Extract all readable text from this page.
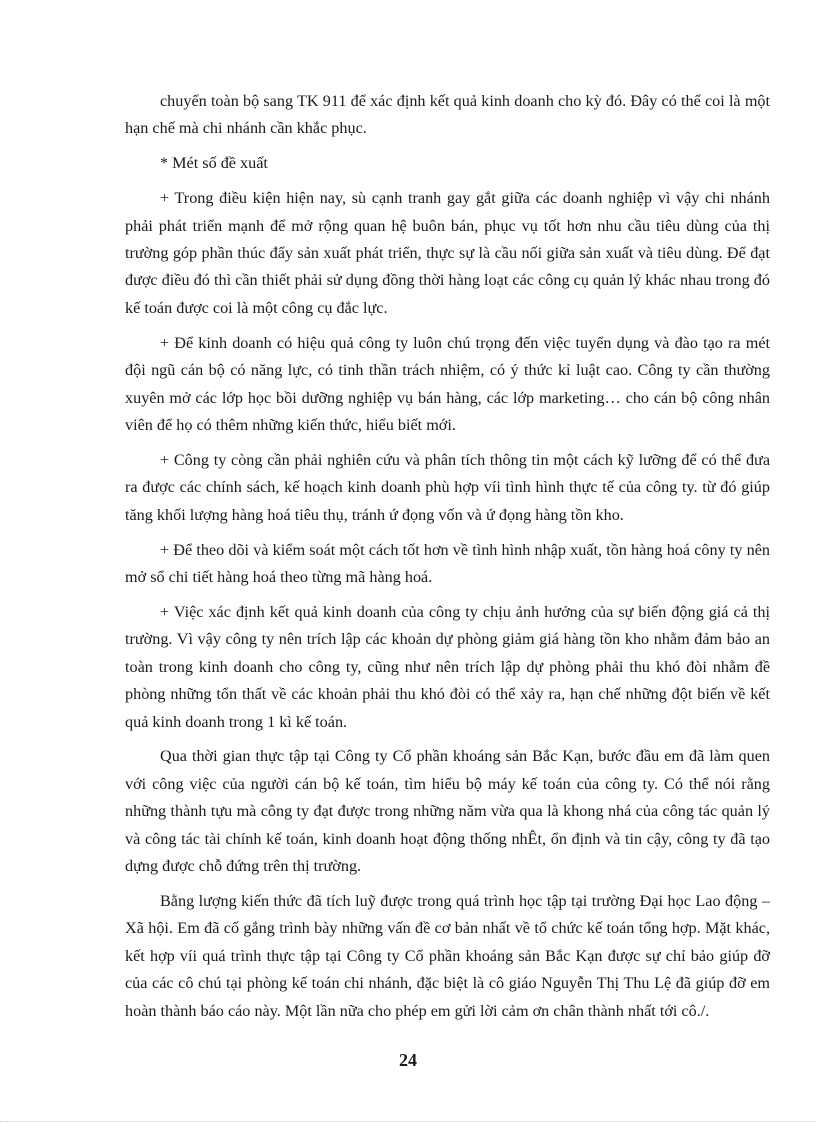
chuyển toàn bộ sang TK 911 để xác định kết quả kinh doanh cho kỳ đó. Đây có thể coi là một hạn chế mà chi nhánh cần khắc phục.

* Mét số đề xuất

+ Trong điều kiện hiện nay, sù cạnh tranh gay gắt giữa các doanh nghiệp vì vậy chi nhánh phải phát triển mạnh để mở rộng quan hệ buôn bán, phục vụ tốt hơn nhu cầu tiêu dùng của thị trường góp phần thúc đẩy sản xuất phát triển, thực sự là cầu nối giữa sản xuất và tiêu dùng. Để đạt được điều đó thì cần thiết phải sử dụng đồng thời hàng loạt các công cụ quản lý khác nhau trong đó kế toán được coi là một công cụ đắc lực.

+ Để kinh doanh có hiệu quả công ty luôn chú trọng đến việc tuyển dụng và đào tạo ra mét đội ngũ cán bộ có năng lực, có tinh thần trách nhiệm, có ý thức kỉ luật cao. Công ty cần thường xuyên mở các lớp học bồi dưỡng nghiệp vụ bán hàng, các lớp marketing… cho cán bộ công nhân viên để họ có thêm những kiến thức, hiểu biết mới.

+ Công ty còng cần phải nghiên cứu và phân tích thông tin một cách kỹ lưỡng để có thể đưa ra được các chính sách, kế hoạch kinh doanh phù hợp víi tình hình thực tế của công ty. từ đó giúp tăng khối lượng hàng hoá tiêu thụ, tránh ứ đọng vốn và ứ đọng hàng tồn kho.

+ Để theo dõi và kiểm soát một cách tốt hơn về tình hình nhập xuất, tồn hàng hoá côny ty nên mở sổ chi tiết hàng hoá theo từng mã hàng hoá.

+ Việc xác định kết quả kinh doanh của công ty chịu ảnh hưởng của sự biến động giá cả thị trường. Vì vậy công ty nên trích lập các khoản dự phòng giảm giá hàng tồn kho nhằm đảm bảo an toàn trong kinh doanh cho công ty, cũng như nên trích lập dự phòng phải thu khó đòi nhằm đề phòng những tổn thất về các khoản phải thu khó đòi có thể xảy ra, hạn chế những đột biến về kết quả kinh doanh trong 1 kì kế toán.

Qua thời gian thực tập tại Công ty Cổ phần khoáng sản Bắc Kạn, bước đầu em đã làm quen với công việc của người cán bộ kế toán, tìm hiểu bộ máy kế toán của công ty. Có thể nói rằng những thành tựu mà công ty đạt được trong những năm vừa qua là khong nhá của công tác quản lý và công tác tài chính kế toán, kinh doanh hoạt động thống nhÊt, ổn định và tin cậy, công ty đã tạo dựng được chỗ đứng trên thị trường.

Bằng lượng kiến thức đã tích luỹ được trong quá trình học tập tại trường Đại học Lao động – Xã hội. Em đã cố gắng trình bày những vấn đề cơ bản nhất về tổ chức kế toán tổng hợp. Mặt khác, kết hợp víi quá trình thực tập tại Công ty Cổ phần khoáng sản Bắc Kạn được sự chỉ bảo giúp đỡ của các cô chú tại phòng kế toán chi nhánh, đặc biệt là cô giáo Nguyễn Thị Thu Lệ đã giúp đỡ em hoàn thành báo cáo này. Một lần nữa cho phép em gửi lời cảm ơn chân thành nhất tới cô./.

24
